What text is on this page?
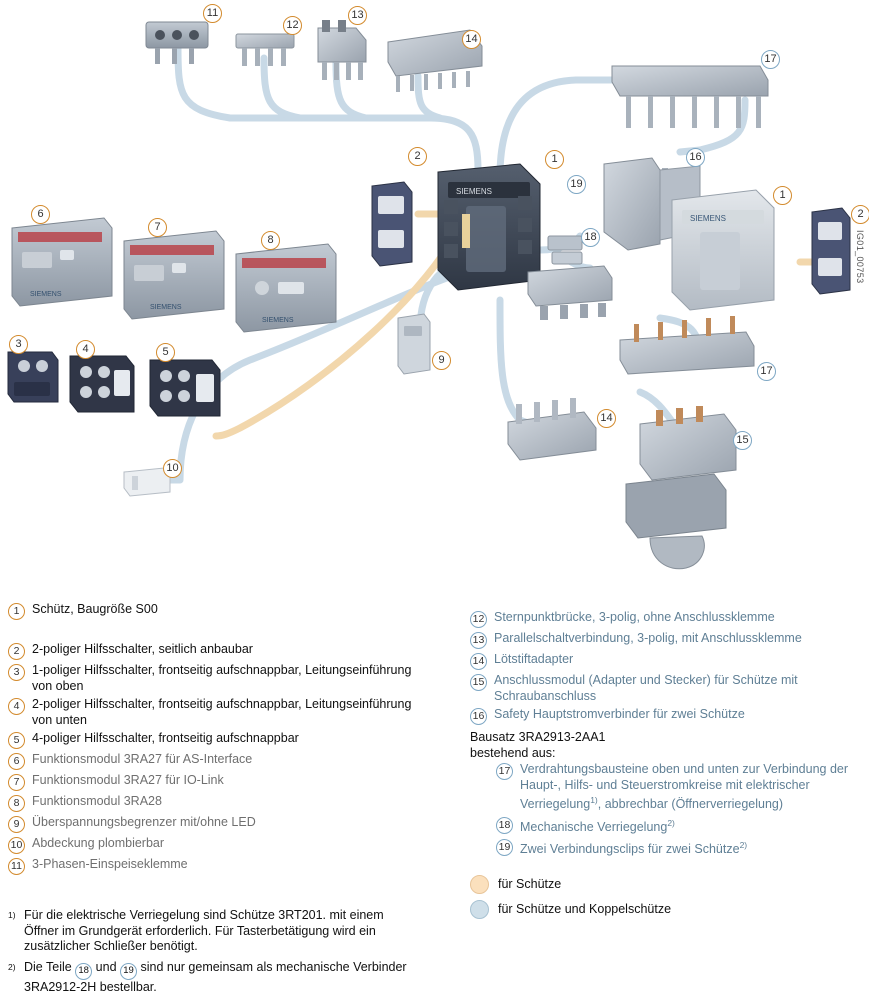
SIEMENS
SIEMENS
SIEMENS
SIEMENS
SIEMENS
11
12
13
14
17
2	1	16
19
1
18
2
6
7
8
9
3	4	5
17
14
15
10
1	Schütz, Baugröße S00
2	2-poliger Hilfsschalter, seitlich anbaubar
3	1-poliger Hilfsschalter, frontseitig aufschnappbar, Leitungseinführung von oben
4	2-poliger Hilfsschalter, frontseitig aufschnappbar, Leitungseinführung von unten
5	4-poliger Hilfsschalter, frontseitig aufschnappbar
6	Funktionsmodul 3RA27 für AS-Interface
7	Funktionsmodul 3RA27 für IO-Link
8	Funktionsmodul 3RA28
9	Überspannungsbegrenzer mit/ohne LED
10 Abdeckung plombierbar
11 3-Phasen-Einspeiseklemme
12 Sternpunktbrücke, 3-polig, ohne Anschlussklemme
13 Parallelschaltverbindung, 3-polig, mit Anschlussklemme
14 Lötstiftadapter
15 Anschlussmodul (Adapter und Stecker) für Schütze mit Schraubanschluss
16 Safety Hauptstromverbinder für zwei Schütze
Bausatz 3RA2913-2AA1
bestehend aus:
17 Verdrahtungsbausteine oben und unten zur Verbindung der Haupt-, Hilfs- und Steuerstromkreise mit elektrischer Verriegelung$^{1)}$, abbrechbar (Öffnerverriegelung)
18 Mechanische Verriegelung$^{2)}$
19 Zwei Verbindungsclips für zwei Schütze$^{2)}$
für Schütze
für Schütze und Koppelschütze
$^{1)}$ Für die elektrische Verriegelung sind Schütze 3RT201. mit einem Öffner im Grundgerät erforderlich. Für Tasterbetätigung wird ein zusätzlicher Schließer benötigt.
$^{2)}$ Die Teile 18 und 19 sind nur gemeinsam als mechanische Verbinder 3RA2912-2H bestellbar.
IG01_00753
